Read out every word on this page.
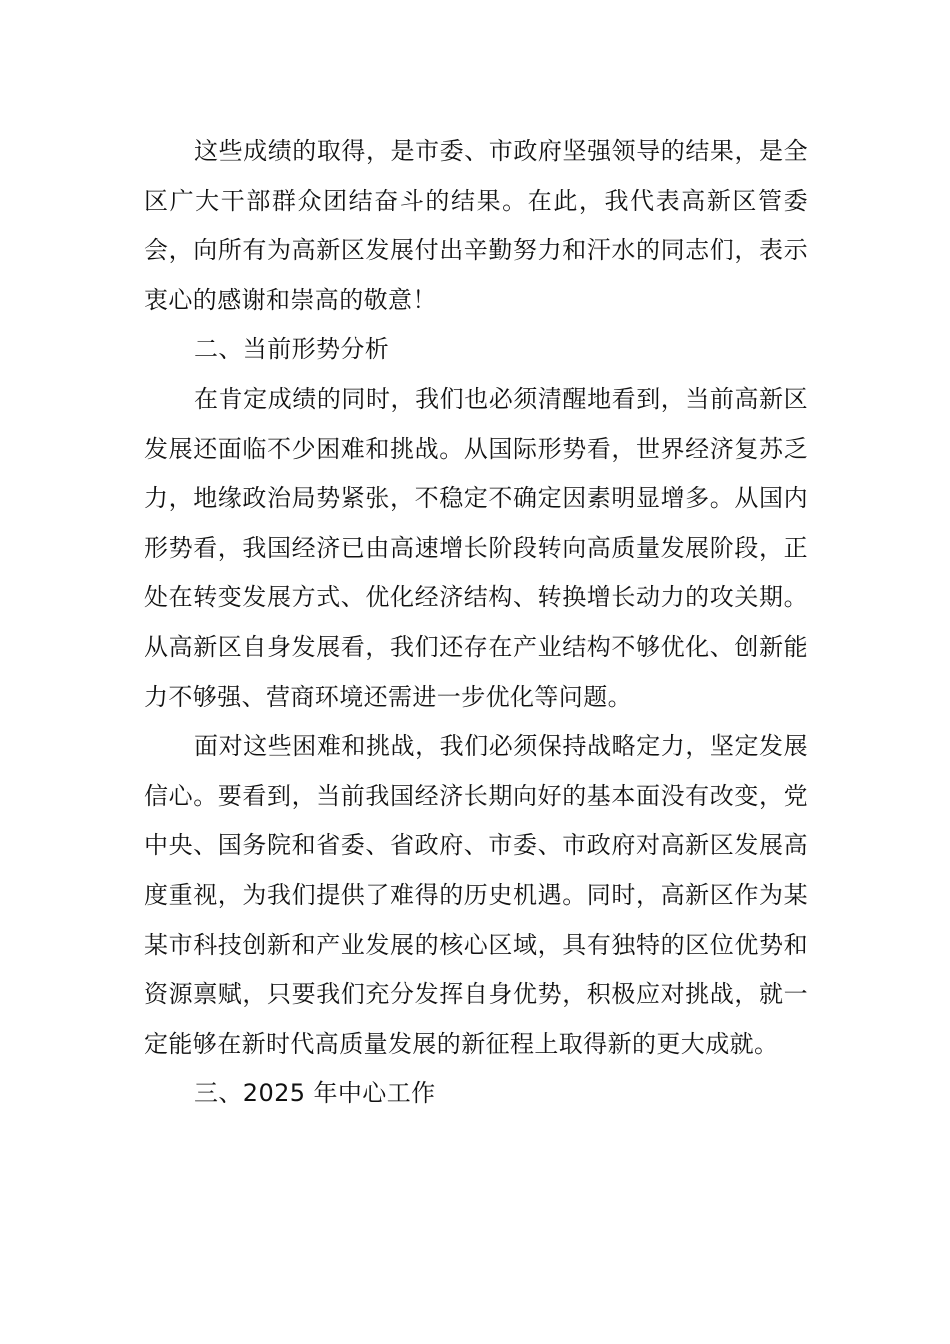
这些成绩的取得，是市委、市政府坚强领导的结果，是全区广大干部群众团结奋斗的结果。在此，我代表高新区管委会，向所有为高新区发展付出辛勤努力和汗水的同志们，表示衷心的感谢和崇高的敬意！

二、当前形势分析

在肯定成绩的同时，我们也必须清醒地看到，当前高新区发展还面临不少困难和挑战。从国际形势看，世界经济复苏乏力，地缘政治局势紧张，不稳定不确定因素明显增多。从国内形势看，我国经济已由高速增长阶段转向高质量发展阶段，正处在转变发展方式、优化经济结构、转换增长动力的攻关期。从高新区自身发展看，我们还存在产业结构不够优化、创新能力不够强、营商环境还需进一步优化等问题。

面对这些困难和挑战，我们必须保持战略定力，坚定发展信心。要看到，当前我国经济长期向好的基本面没有改变，党中央、国务院和省委、省政府、市委、市政府对高新区发展高度重视，为我们提供了难得的历史机遇。同时，高新区作为某某市科技创新和产业发展的核心区域，具有独特的区位优势和资源禀赋，只要我们充分发挥自身优势，积极应对挑战，就一定能够在新时代高质量发展的新征程上取得新的更大成就。

三、2025 年中心工作
